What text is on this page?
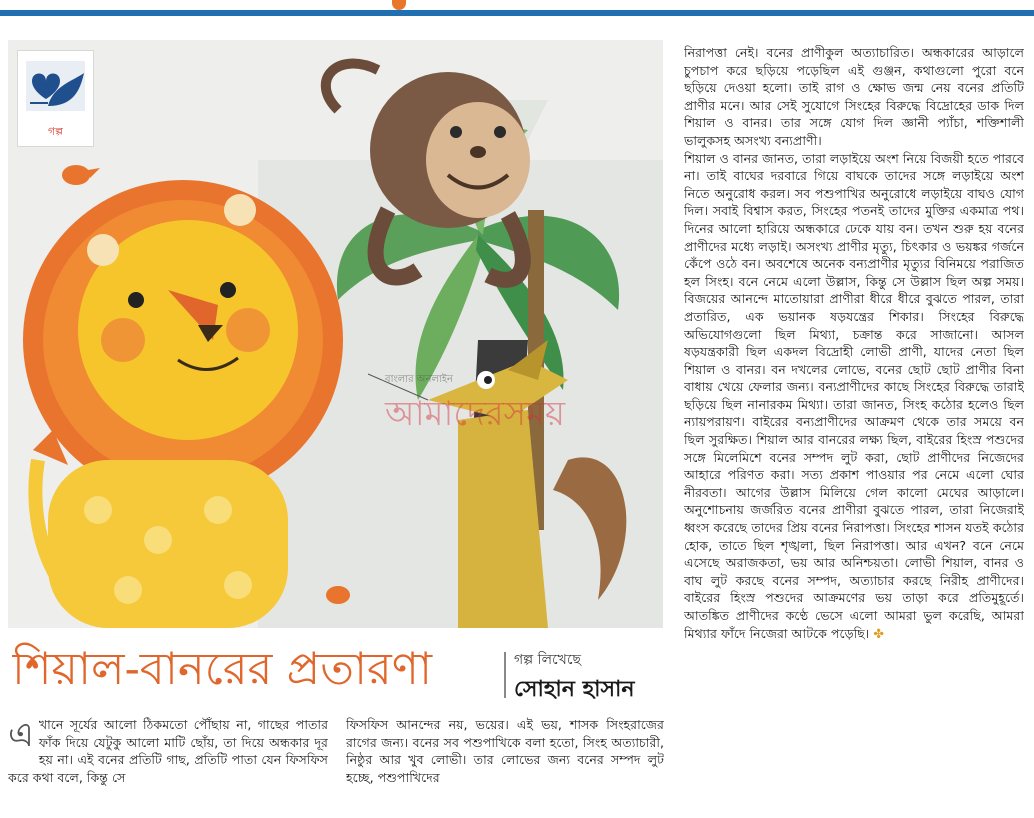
গল্প
বাংলার অনলাইন
আমাদেরসময়
শিয়াল-বানরের প্রতারণা	গল্প লিখেছে
সোহান হাসান
এ খানে সূর্যের আলো ঠিকমতো পৌঁছায় না, গাছের পাতার ফাঁক দিয়ে যেটুকু আলো মাটি ছোঁয়, তা দিয়ে অন্ধকার দূর হয় না। এই বনের প্রতিটি গাছ, প্রতিটি পাতা যেন ফিসফিস করে কথা বলে, কিন্তু সে

ফিসফিস আনন্দের নয়, ভয়ের। এই ভয়, শাসক সিংহরাজের রাগের জন্য। বনের সব পশুপাখিকে বলা হতো, সিংহ অত্যাচারী, নিষ্ঠুর আর খুব লোভী। তার লোভের জন্য বনের সম্পদ লুট হচ্ছে, পশুপাখিদের

নিরাপত্তা নেই। বনের প্রাণীকুল অত্যাচারিত। অন্ধকারের আড়ালে চুপচাপ করে ছড়িয়ে পড়েছিল এই গুঞ্জন, কথাগুলো পুরো বনে ছড়িয়ে দেওয়া হলো। তাই রাগ ও ক্ষোভ জন্ম নেয় বনের প্রতিটি প্রাণীর মনে। আর সেই সুযোগে সিংহের বিরুদ্ধে বিদ্রোহের ডাক দিল শিয়াল ও বানর। তার সঙ্গে যোগ দিল জ্ঞানী প্যাঁচা, শক্তিশালী ভালুকসহ অসংখ্য বন্যপ্রাণী।

শিয়াল ও বানর জানত, তারা লড়াইয়ে অংশ নিয়ে বিজয়ী হতে পারবে না। তাই বাঘের দরবারে গিয়ে বাঘকে তাদের সঙ্গে লড়াইয়ে অংশ নিতে অনুরোধ করল। সব পশুপাখির অনুরোধে লড়াইয়ে বাঘও যোগ দিল। সবাই বিশ্বাস করত, সিংহের পতনই তাদের মুক্তির একমাত্র পথ। দিনের আলো হারিয়ে অন্ধকারে ঢেকে যায় বন। তখন শুরু হয় বনের প্রাণীদের মধ্যে লড়াই। অসংখ্য প্রাণীর মৃত্যু, চিৎকার ও ভয়ঙ্কর গর্জনে কেঁপে ওঠে বন। অবশেষে অনেক বন্যপ্রাণীর মৃত্যুর বিনিময়ে পরাজিত হল সিংহ। বনে নেমে এলো উল্লাস, কিন্তু সে উল্লাস ছিল অল্প সময়। বিজয়ের আনন্দে মাতোয়ারা প্রাণীরা ধীরে ধীরে বুঝতে পারল, তারা প্রতারিত, এক ভয়ানক ষড়যন্ত্রের শিকার। সিংহের বিরুদ্ধে অভিযোগগুলো ছিল মিথ্যা, চক্রান্ত করে সাজানো। আসল ষড়যন্ত্রকারী ছিল একদল বিদ্রোহী লোভী প্রাণী, যাদের নেতা ছিল শিয়াল ও বানর। বন দখলের লোভে, বনের ছোট ছোট প্রাণীর বিনা বাধায় খেয়ে ফেলার জন্য। বন্যপ্রাণীদের কাছে সিংহের বিরুদ্ধে তারাই ছড়িয়ে ছিল নানারকম মিথ্যা। তারা জানত, সিংহ কঠোর হলেও ছিল ন্যায়পরায়ণ। বাইরের বন্যপ্রাণীদের আক্রমণ থেকে তার সময়ে বন ছিল সুরক্ষিত। শিয়াল আর বানরের লক্ষ্য ছিল, বাইরের হিংস্র পশুদের সঙ্গে মিলেমিশে বনের সম্পদ লুট করা, ছোট প্রাণীদের নিজেদের আহারে পরিণত করা। সত্য প্রকাশ পাওয়ার পর নেমে এলো ঘোর নীরবতা। আগের উল্লাস মিলিয়ে গেল কালো মেঘের আড়ালে। অনুশোচনায় জর্জরিত বনের প্রাণীরা বুঝতে পারল, তারা নিজেরাই ধ্বংস করেছে তাদের প্রিয় বনের নিরাপত্তা। সিংহের শাসন যতই কঠোর হোক, তাতে ছিল শৃঙ্খলা, ছিল নিরাপত্তা। আর এখন? বনে নেমে এসেছে অরাজকতা, ভয় আর অনিশ্চয়তা। লোভী শিয়াল, বানর ও বাঘ লুট করছে বনের সম্পদ, অত্যাচার করছে নিরীহ প্রাণীদের। বাইরের হিংস্র পশুদের আক্রমণের ভয় তাড়া করে প্রতিমুহূর্তে। আতঙ্কিত প্রাণীদের কণ্ঠে ভেসে এলো আমরা ভুল করেছি, আমরা মিথ্যার ফাঁদে নিজেরা আটকে পড়েছি। ✤
